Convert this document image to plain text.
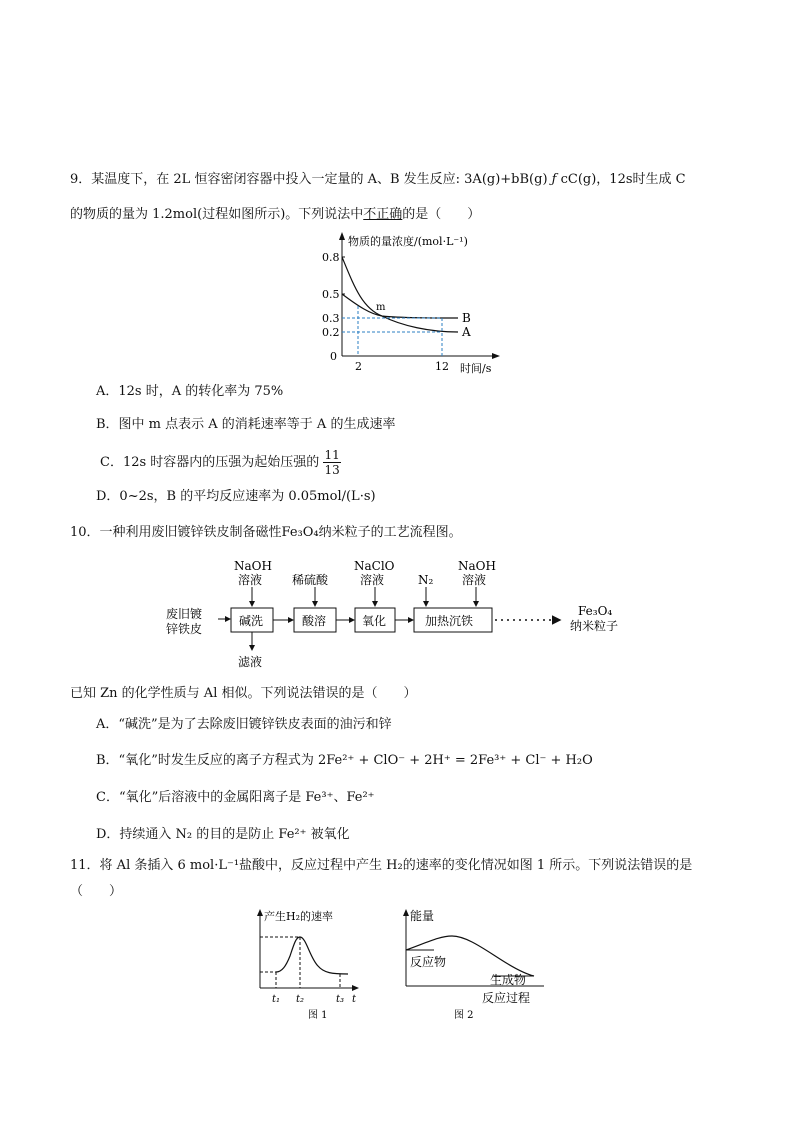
9．某温度下，在 2L 恒容密闭容器中投入一定量的 A、B 发生反应: 3A(g)+bB(g) ƒ cC(g)，12s时生成 C
的物质的量为 1.2mol(过程如图所示)。下列说法中不正确的是（　　）
物质的量浓度/(mol·L⁻¹)
0.8
0.5
0.3
0.2
0
m
B
A
2	12 时间/s
A．12s 时，A 的转化率为 75%
B．图中 m 点表示 A 的消耗速率等于 A 的生成速率
C．12s 时容器内的压强为起始压强的 $\frac{11}{13}$
D．0~2s，B 的平均反应速率为 0.05mol/(L·s)
10．一种利用废旧镀锌铁皮制备磁性Fe₃O₄纳米粒子的工艺流程图。
废旧镀
锌铁皮
碱洗	酸溶	氧化	加热沉铁
Fe₃O₄
纳米粒子
NaOH
溶液 稀硫酸
NaClO
溶液	N₂
NaOH
溶液
滤液
已知 Zn 的化学性质与 Al 相似。下列说法错误的是（　　）
A．“碱洗”是为了去除废旧镀锌铁皮表面的油污和锌
B．“氧化”时发生反应的离子方程式为 2Fe²⁺ + ClO⁻ + 2H⁺ = 2Fe³⁺ + Cl⁻ + H₂O
C．“氧化”后溶液中的金属阳离子是 Fe³⁺、Fe²⁺
D．持续通入 N₂ 的目的是防止 Fe²⁺ 被氧化
11．将 Al 条插入 6 mol·L⁻¹盐酸中，反应过程中产生 H₂的速率的变化情况如图 1 所示。下列说法错误的是
（　　）
产生H₂的速率
t₁ t₂	t₃ t
图 1
能量
反应物
生成物
反应过程
图 2
